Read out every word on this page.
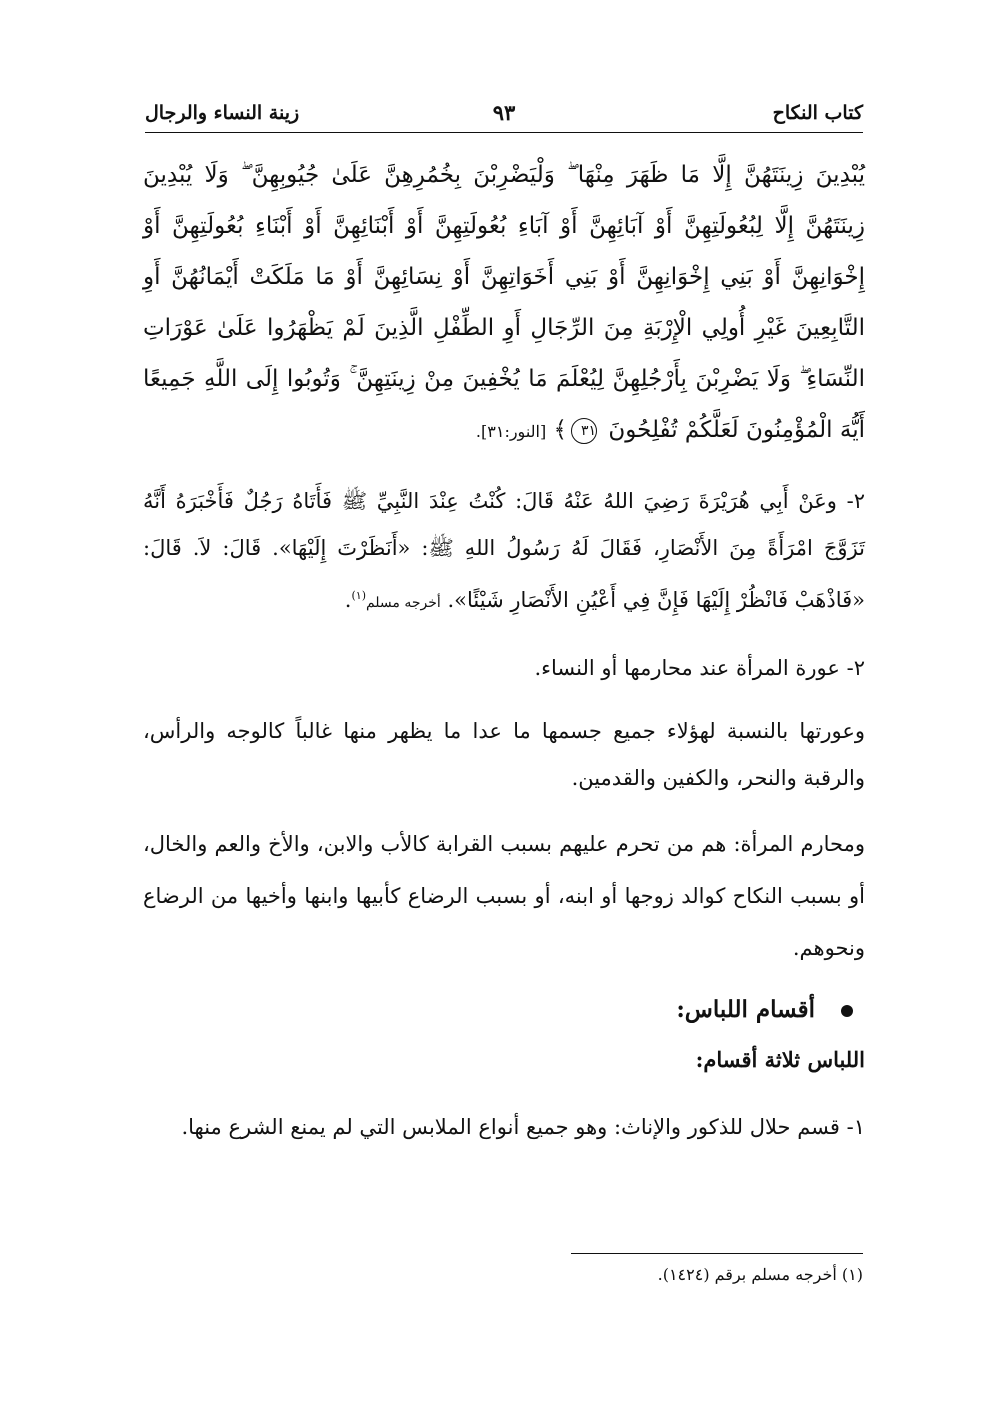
كتاب النكاح
٩٣
زينة النساء والرجال
يُبْدِينَ زِينَتَهُنَّ إِلَّا مَا ظَهَرَ مِنْهَا ۖ وَلْيَضْرِبْنَ بِخُمُرِهِنَّ عَلَىٰ جُيُوبِهِنَّ ۖ وَلَا يُبْدِينَ زِينَتَهُنَّ إِلَّا لِبُعُولَتِهِنَّ أَوْ آبَائِهِنَّ أَوْ آبَاءِ بُعُولَتِهِنَّ أَوْ أَبْنَائِهِنَّ أَوْ أَبْنَاءِ بُعُولَتِهِنَّ أَوْ إِخْوَانِهِنَّ أَوْ بَنِي إِخْوَانِهِنَّ أَوْ بَنِي أَخَوَاتِهِنَّ أَوْ نِسَائِهِنَّ أَوْ مَا مَلَكَتْ أَيْمَانُهُنَّ أَوِ التَّابِعِينَ غَيْرِ أُولِي الْإِرْبَةِ مِنَ الرِّجَالِ أَوِ الطِّفْلِ الَّذِينَ لَمْ يَظْهَرُوا عَلَىٰ عَوْرَاتِ النِّسَاءِ ۖ وَلَا يَضْرِبْنَ بِأَرْجُلِهِنَّ لِيُعْلَمَ مَا يُخْفِينَ مِنْ زِينَتِهِنَّ ۚ وَتُوبُوا إِلَى اللَّهِ جَمِيعًا أَيُّهَ الْمُؤْمِنُونَ لَعَلَّكُمْ تُفْلِحُونَ ٣١﴾ [النور:٣١].
٢- وعَنْ أَبِي هُرَيْرَةَ رَضِيَ اللهُ عَنْهُ قَالَ: كُنْتُ عِنْدَ النَّبِيِّ ﷺ فَأَتَاهُ رَجُلٌ فَأَخْبَرَهُ أَنَّهُ تَزَوَّجَ امْرَأَةً مِنَ الأَنْصَارِ، فَقَالَ لَهُ رَسُولُ اللهِ ﷺ: «أَنَظَرْتَ إِلَيْهَا». قَالَ: لاَ. قَالَ: «فَاذْهَبْ فَانْظُرْ إِلَيْهَا فَإِنَّ فِي أَعْيُنِ الأَنْصَارِ شَيْئًا». أخرجه مسلم$^{(١)}$.
٢- عورة المرأة عند محارمها أو النساء.
وعورتها بالنسبة لهؤلاء جميع جسمها ما عدا ما يظهر منها غالباً كالوجه والرأس، والرقبة والنحر، والكفين والقدمين.
ومحارم المرأة: هم من تحرم عليهم بسبب القرابة كالأب والابن، والأخ والعم والخال، أو بسبب النكاح كوالد زوجها أو ابنه، أو بسبب الرضاع كأبيها وابنها وأخيها من الرضاع ونحوهم.
أقسام اللباس:
اللباس ثلاثة أقسام:
١- قسم حلال للذكور والإناث: وهو جميع أنواع الملابس التي لم يمنع الشرع منها.
(١) أخرجه مسلم برقم (١٤٢٤).
